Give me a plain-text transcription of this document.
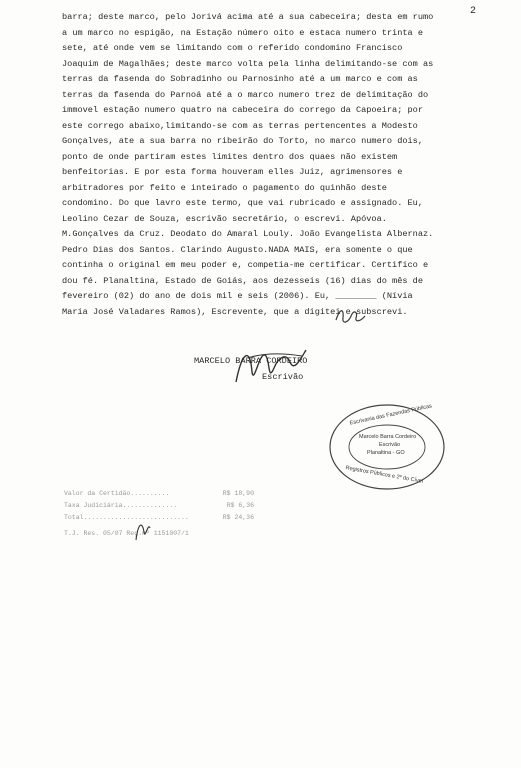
2
barra; deste marco, pelo Jorivá acima até a sua cabeceira; desta em rumo
a um marco no espigão, na Estação número oito e estaca numero trinta e
sete, até onde vem se limitando com o referido condomino Francisco
Joaquim de Magalhães; deste marco volta pela linha delimitando-se com as
terras da fasenda do Sobradinho ou Parnosinho até a um marco e com as
terras da fasenda do Parnoá até a o marco numero trez de delimitação do
immovel estação numero quatro na cabeceira do corrego da Capoeira; por
este corrego abaixo,limitando-se com as terras pertencentes a Modesto
Gonçalves, ate a sua barra no ribeirão do Torto, no marco numero dois,
ponto de onde partiram estes limites dentro dos quaes não existem
benfeitorias. E por esta forma houveram elles Juiz, agrimensores e
arbitradores por feito e inteirado o pagamento do quinhão deste
condomino. Do que lavro este termo, que vai rubricado e assignado. Eu,
Leolino Cezar de Souza, escrivão secretário, o escrevi. Apóvoa.
M.Gonçalves da Cruz. Deodato do Amaral Louly. João Evangelista Albernaz.
Pedro Dias dos Santos. Clarindo Augusto.NADA MAIS, era somente o que
continha o original em meu poder e, competia-me certificar. Certifico e
dou fé. Planaltina, Estado de Goiás, aos dezesseis (16) dias do mês de
fevereiro (02) do ano de dois mil e seis (2006). Eu, ________ (Nívia
Maria José Valadares Ramos), Escrevente, que a digitei e subscrevi.
MARCELO BARRA CORDEIRO
Escrivão
Escrivania das Fazendas Públicas
Marcelo Barra Cordeiro
Escrivão
Planaltina - GO
Registros Públicos e 2º do Cível
Valor da Certidão..........	R$ 18,90
Taxa Judiciária..............	R$ 6,36
Total...........................	R$ 24,36
T.J. Res. 05/07 Reg.nº 1151007/1
